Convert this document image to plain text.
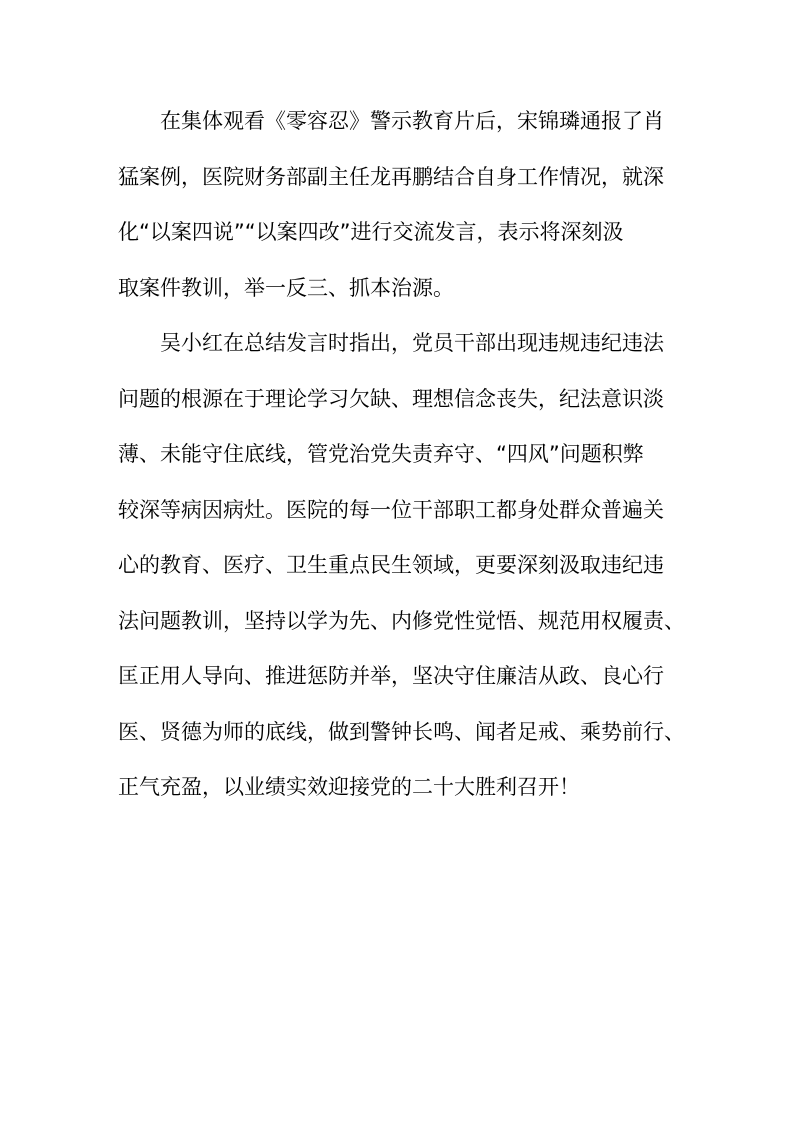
在集体观看《零容忍》警示教育片后，宋锦璘通报了肖
猛案例，医院财务部副主任龙再鹏结合自身工作情况，就深
化“以案四说”“以案四改”进行交流发言，表示将深刻汲
取案件教训，举一反三、抓本治源。
吴小红在总结发言时指出，党员干部出现违规违纪违法
问题的根源在于理论学习欠缺、理想信念丧失，纪法意识淡
薄、未能守住底线，管党治党失责弃守、“四风”问题积弊
较深等病因病灶。医院的每一位干部职工都身处群众普遍关
心的教育、医疗、卫生重点民生领域，更要深刻汲取违纪违
法问题教训，坚持以学为先、内修党性觉悟、规范用权履责、
匡正用人导向、推进惩防并举，坚决守住廉洁从政、良心行
医、贤德为师的底线，做到警钟长鸣、闻者足戒、乘势前行、
正气充盈，以业绩实效迎接党的二十大胜利召开！
